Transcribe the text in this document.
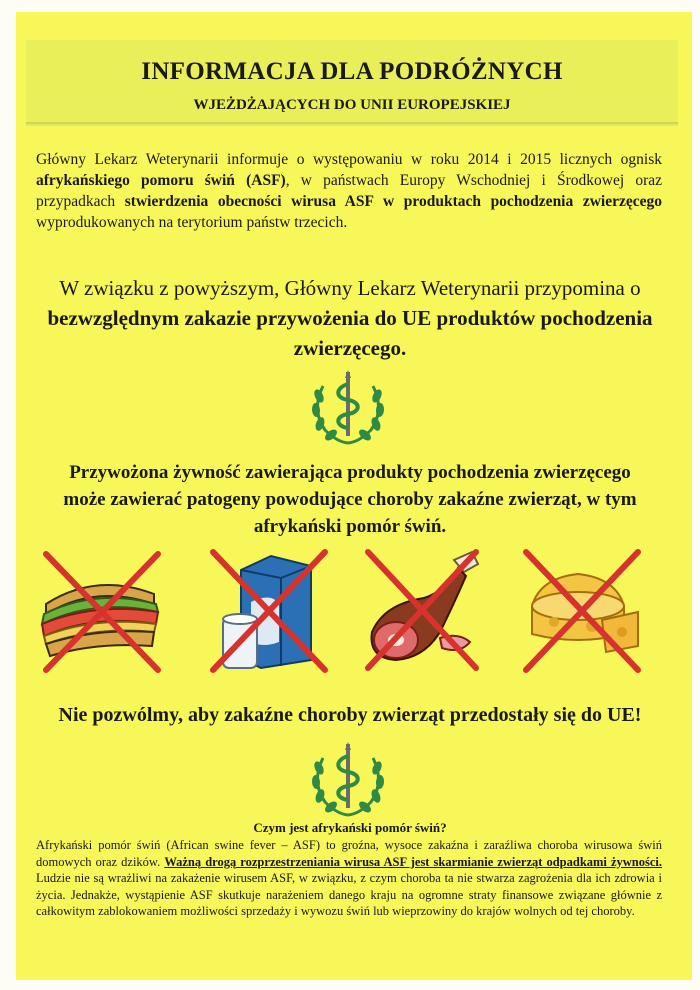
INFORMACJA DLA PODRÓŻNYCH
WJEŻDŻAJĄCYCH DO UNII EUROPEJSKIEJ
Główny Lekarz Weterynarii informuje o występowaniu w roku 2014 i 2015 licznych ognisk afrykańskiego pomoru świń (ASF), w państwach Europy Wschodniej i Środkowej oraz przypadkach stwierdzenia obecności wirusa ASF w produktach pochodzenia zwierzęcego wyprodukowanych na terytorium państw trzecich.
W związku z powyższym, Główny Lekarz Weterynarii przypomina o bezwzględnym zakazie przywożenia do UE produktów pochodzenia zwierzęcego.
Przywożona żywność zawierająca produkty pochodzenia zwierzęcego może zawierać patogeny powodujące choroby zakaźne zwierząt, w tym afrykański pomór świń.
Nie pozwólmy, aby zakaźne choroby zwierząt przedostały się do UE!
Czym jest afrykański pomór świń?
Afrykański pomór świń (African swine fever – ASF) to groźna, wysoce zakaźna i zaraźliwa choroba wirusowa świń domowych oraz dzików. Ważną drogą rozprzestrzeniania wirusa ASF jest skarmianie zwierząt odpadkami żywności. Ludzie nie są wrażliwi na zakażenie wirusem ASF, w związku, z czym choroba ta nie stwarza zagrożenia dla ich zdrowia i życia. Jednakże, wystąpienie ASF skutkuje narażeniem danego kraju na ogromne straty finansowe związane głównie z całkowitym zablokowaniem możliwości sprzedaży i wywozu świń lub wieprzowiny do krajów wolnych od tej choroby.
